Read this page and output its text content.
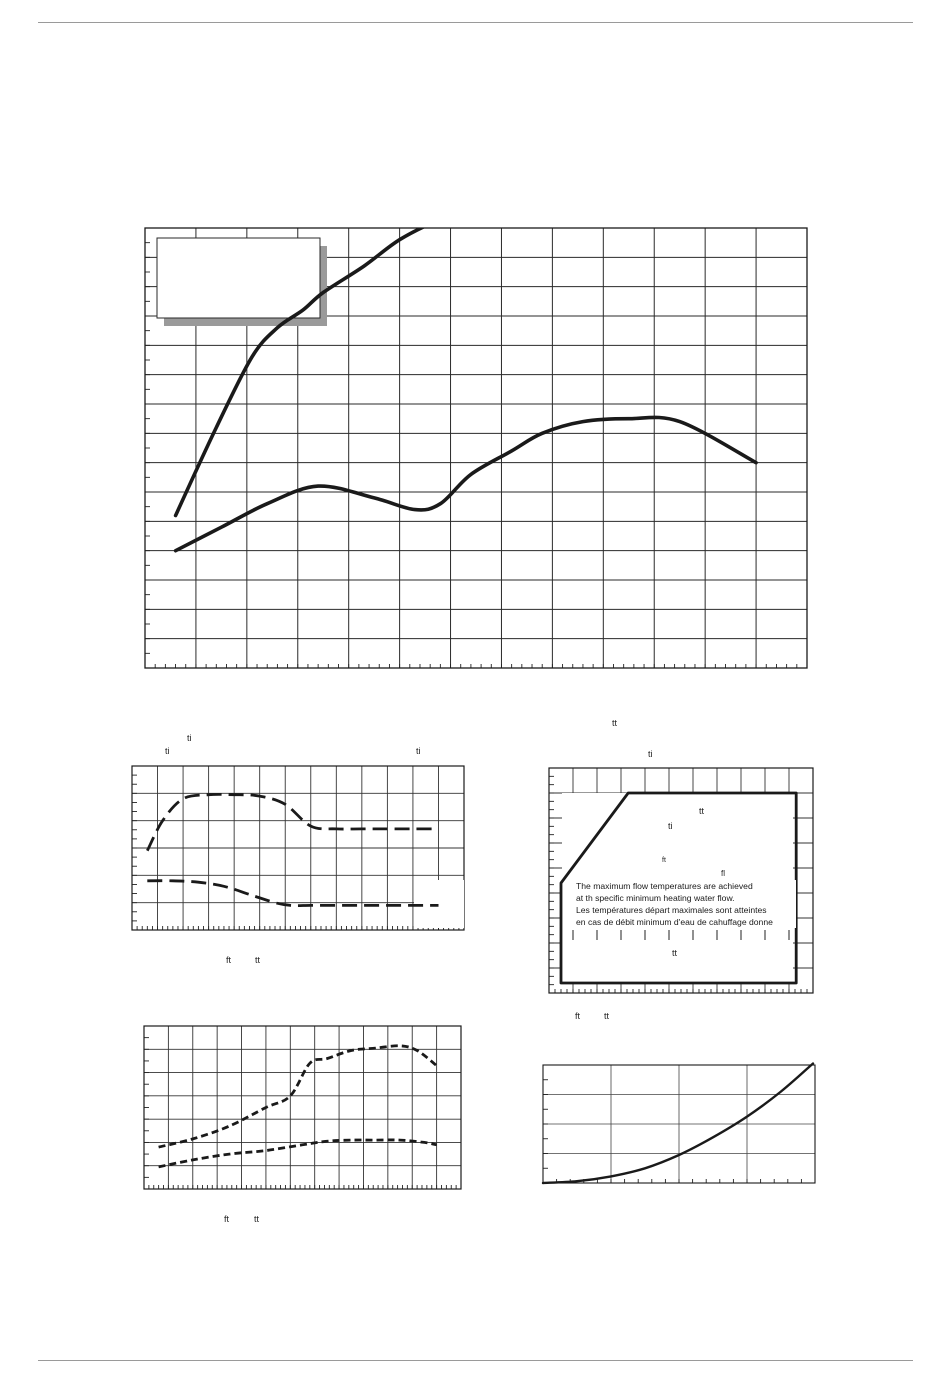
ti
ti	ti
ft	tt
ft	tt
tt
ti
tt
ti
ft
fl
The maximum flow temperatures are achieved
at th specific minimum heating water flow.
Les températures départ maximales sont atteintes
en cas de débit minimum d'eau de cahuffage donne
tt
ft	tt
